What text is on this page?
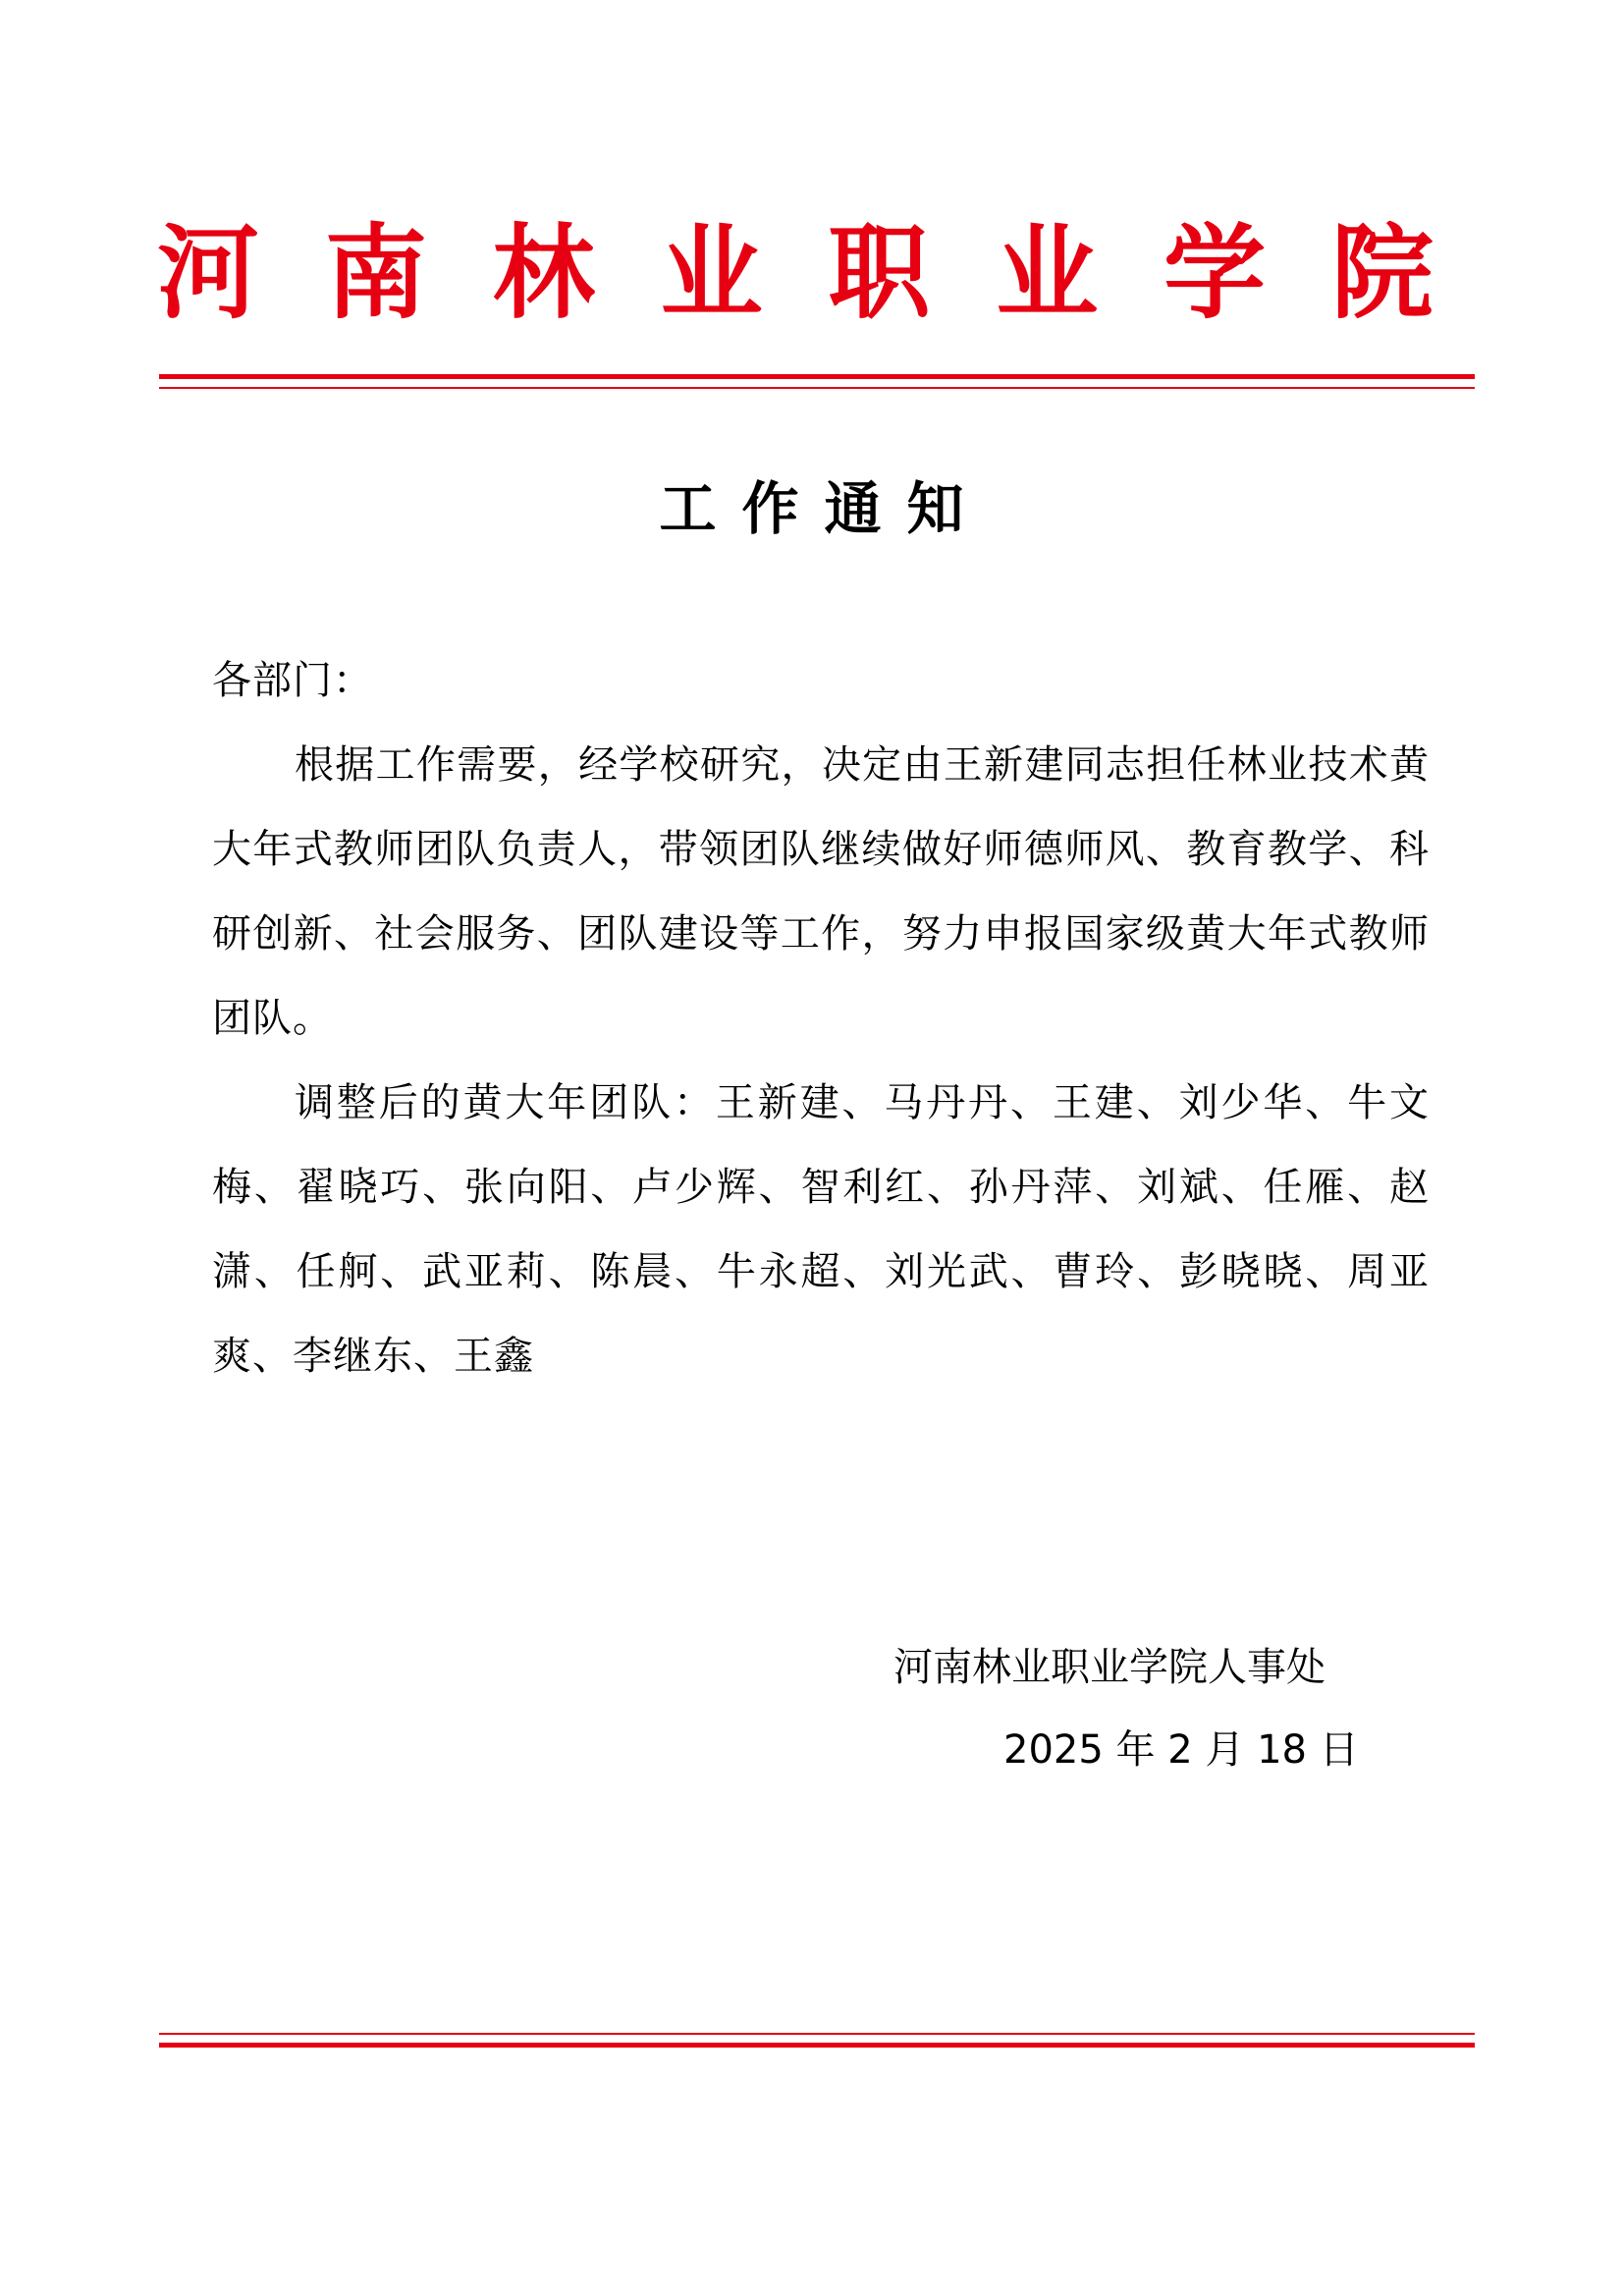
河 南 林 业 职 业 学 院
工作通知

各部门：

根据工作需要，经学校研究，决定由王新建同志担任林业技术黄大年式教师团队负责人，带领团队继续做好师德师风、教育教学、科研创新、社会服务、团队建设等工作，努力申报国家级黄大年式教师团队。

调整后的黄大年团队：王新建、马丹丹、王建、刘少华、牛文梅、翟晓巧、张向阳、卢少辉、智利红、孙丹萍、刘斌、任雁、赵潇、任舸、武亚莉、陈晨、牛永超、刘光武、曹玲、彭晓晓、周亚爽、李继东、王鑫

河南林业职业学院人事处
2025 年 2 月 18 日
